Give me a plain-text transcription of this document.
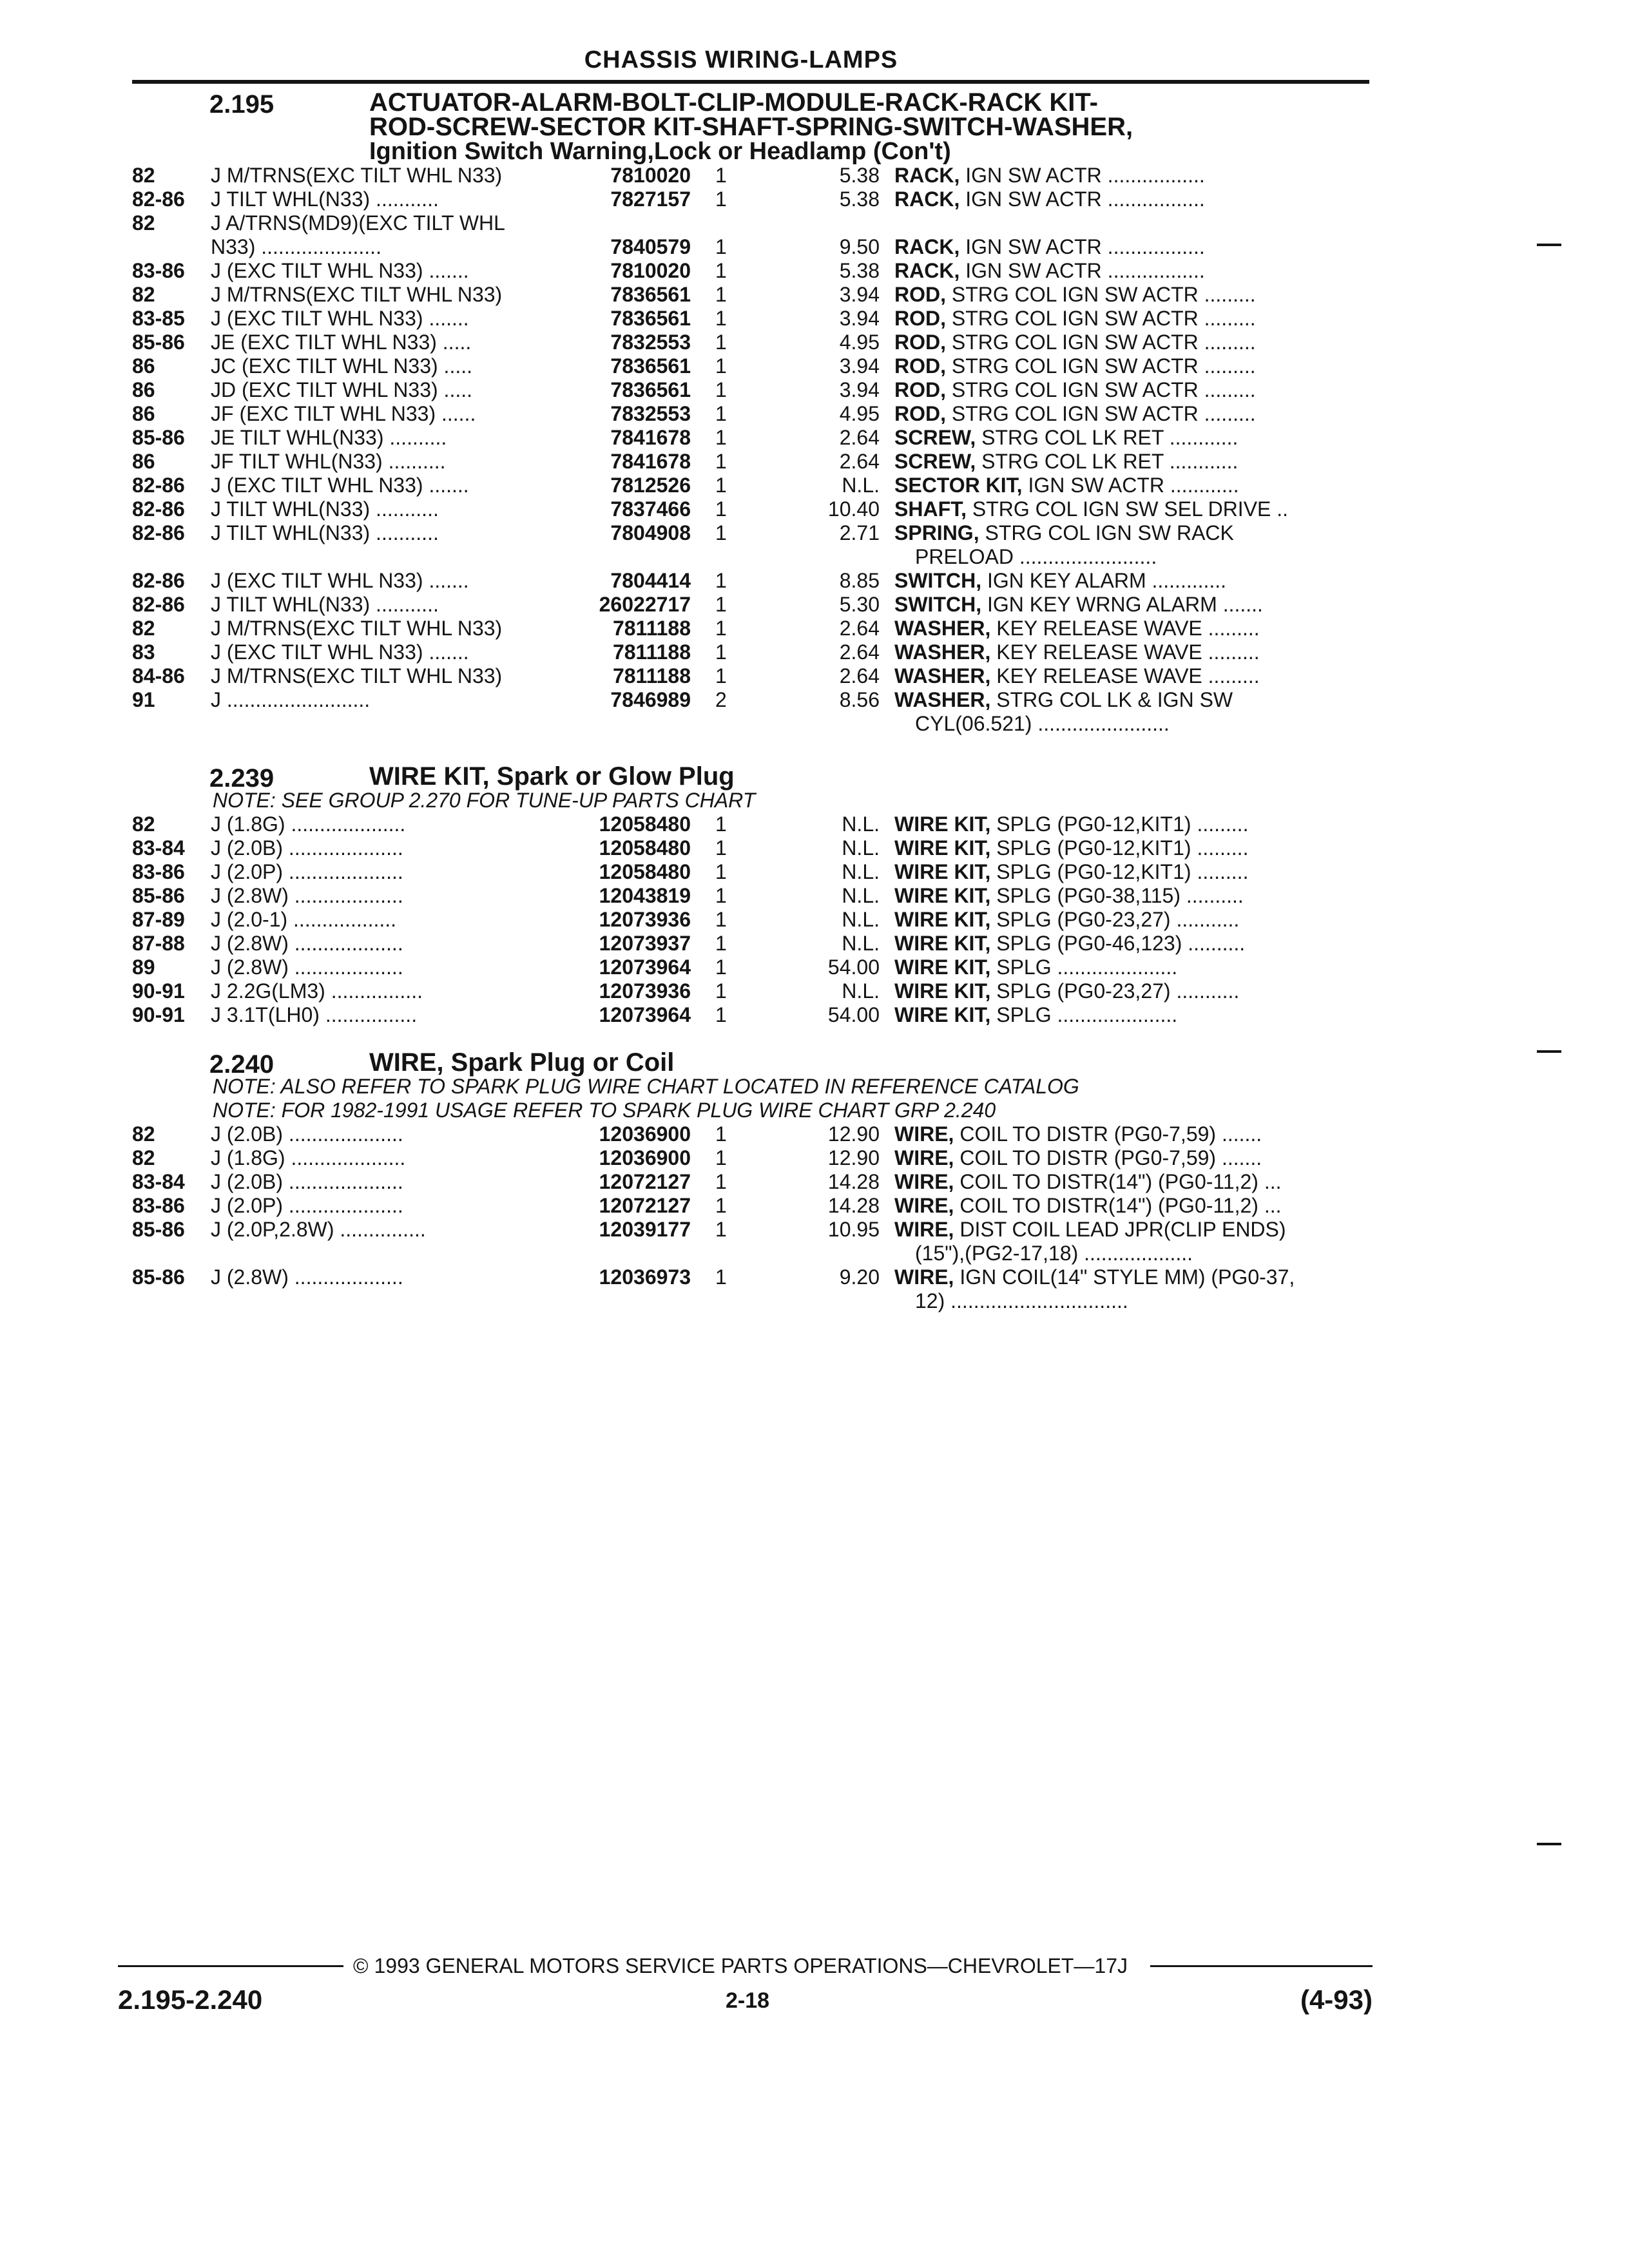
CHASSIS WIRING-LAMPS
2.195	ACTUATOR-ALARM-BOLT-CLIP-MODULE-RACK-RACK KIT-
ROD-SCREW-SECTOR KIT-SHAFT-SPRING-SWITCH-WASHER,
Ignition Switch Warning,Lock or Headlamp (Con't)
82	J M/TRNS(EXC TILT WHL N33)	7810020 1	5.38 RACK, IGN SW ACTR .................
82-86	J TILT WHL(N33) ...........	7827157 1	5.38 RACK, IGN SW ACTR .................
82	J A/TRNS(MD9)(EXC TILT WHL
N33) .....................	7840579 1	9.50 RACK, IGN SW ACTR .................
83-86	J (EXC TILT WHL N33) .......	7810020 1	5.38 RACK, IGN SW ACTR .................
82	J M/TRNS(EXC TILT WHL N33)	7836561 1	3.94 ROD, STRG COL IGN SW ACTR .........
83-85	J (EXC TILT WHL N33) .......	7836561 1	3.94 ROD, STRG COL IGN SW ACTR .........
85-86	JE (EXC TILT WHL N33) .....	7832553 1	4.95 ROD, STRG COL IGN SW ACTR .........
86	JC (EXC TILT WHL N33) .....	7836561 1	3.94 ROD, STRG COL IGN SW ACTR .........
86	JD (EXC TILT WHL N33) .....	7836561 1	3.94 ROD, STRG COL IGN SW ACTR .........
86	JF (EXC TILT WHL N33) ......	7832553 1	4.95 ROD, STRG COL IGN SW ACTR .........
85-86	JE TILT WHL(N33) ..........	7841678 1	2.64 SCREW, STRG COL LK RET ............
86	JF TILT WHL(N33) ..........	7841678 1	2.64 SCREW, STRG COL LK RET ............
82-86	J (EXC TILT WHL N33) .......	7812526 1	N.L. SECTOR KIT, IGN SW ACTR ............
82-86	J TILT WHL(N33) ...........	7837466 1	10.40 SHAFT, STRG COL IGN SW SEL DRIVE ..
82-86	J TILT WHL(N33) ...........	7804908 1	2.71 SPRING, STRG COL IGN SW RACK
PRELOAD ........................
82-86	J (EXC TILT WHL N33) .......	7804414 1	8.85 SWITCH, IGN KEY ALARM .............
82-86	J TILT WHL(N33) ...........	26022717 1	5.30 SWITCH, IGN KEY WRNG ALARM .......
82	J M/TRNS(EXC TILT WHL N33)	7811188 1	2.64 WASHER, KEY RELEASE WAVE .........
83	J (EXC TILT WHL N33) .......	7811188 1	2.64 WASHER, KEY RELEASE WAVE .........
84-86	J M/TRNS(EXC TILT WHL N33)	7811188 1	2.64 WASHER, KEY RELEASE WAVE .........
91	J .........................	7846989 2	8.56 WASHER, STRG COL LK & IGN SW
CYL(06.521) .......................
2.239	WIRE KIT, Spark or Glow Plug
NOTE: SEE GROUP 2.270 FOR TUNE-UP PARTS CHART
82	J (1.8G) ....................	12058480 1	N.L. WIRE KIT, SPLG (PG0-12,KIT1) .........
83-84	J (2.0B) ....................	12058480 1	N.L. WIRE KIT, SPLG (PG0-12,KIT1) .........
83-86	J (2.0P) ....................	12058480 1	N.L. WIRE KIT, SPLG (PG0-12,KIT1) .........
85-86	J (2.8W) ...................	12043819 1	N.L. WIRE KIT, SPLG (PG0-38,115) ..........
87-89	J (2.0-1) ..................	12073936 1	N.L. WIRE KIT, SPLG (PG0-23,27) ...........
87-88	J (2.8W) ...................	12073937 1	N.L. WIRE KIT, SPLG (PG0-46,123) ..........
89	J (2.8W) ...................	12073964 1	54.00 WIRE KIT, SPLG .....................
90-91	J 2.2G(LM3) ................	12073936 1	N.L. WIRE KIT, SPLG (PG0-23,27) ...........
90-91	J 3.1T(LH0) ................	12073964 1	54.00 WIRE KIT, SPLG .....................
2.240	WIRE, Spark Plug or Coil
NOTE: ALSO REFER TO SPARK PLUG WIRE CHART LOCATED IN REFERENCE CATALOG
NOTE: FOR 1982-1991 USAGE REFER TO SPARK PLUG WIRE CHART GRP 2.240
82	J (2.0B) ....................	12036900 1	12.90 WIRE, COIL TO DISTR (PG0-7,59) .......
82	J (1.8G) ....................	12036900 1	12.90 WIRE, COIL TO DISTR (PG0-7,59) .......
83-84	J (2.0B) ....................	12072127 1	14.28 WIRE, COIL TO DISTR(14") (PG0-11,2) ...
83-86	J (2.0P) ....................	12072127 1	14.28 WIRE, COIL TO DISTR(14") (PG0-11,2) ...
85-86	J (2.0P,2.8W) ...............	12039177 1	10.95 WIRE, DIST COIL LEAD JPR(CLIP ENDS)
(15"),(PG2-17,18) ...................
85-86	J (2.8W) ...................	12036973 1	9.20 WIRE, IGN COIL(14" STYLE MM) (PG0-37,
12) ...............................
© 1993 GENERAL MOTORS SERVICE PARTS OPERATIONS—CHEVROLET—17J
2.195-2.240	2-18	(4-93)
